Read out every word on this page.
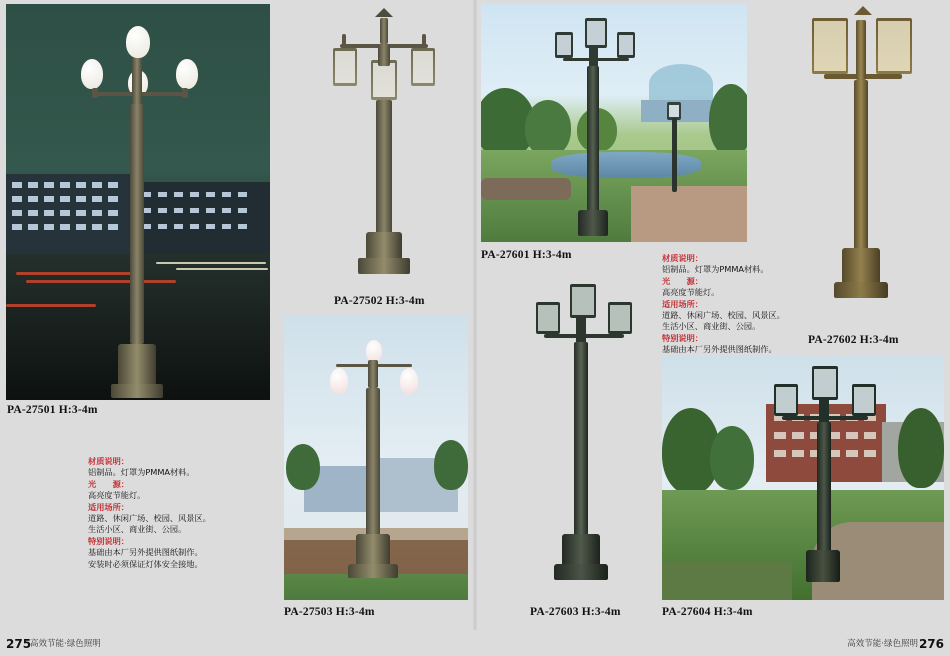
PA-27501 H:3-4m
材质说明：
铝制品。灯罩为PMMA材料。
光　　源：
高亮度节能灯。
适用场所：
道路、休闲广场、校园、风景区。
生活小区、商业街、公园。
特别说明：
基础由本厂另外提供图纸制作。
安装时必须保证灯体安全接地。
PA-27502 H:3-4m
PA-27503 H:3-4m
PA-27601 H:3-4m
PA-27603 H:3-4m
PA-27602 H:3-4m
材质说明：
铝制品。灯罩为PMMA材料。
光　　源：
高亮度节能灯。
适用场所：
道路、休闲广场、校园、风景区。
生活小区、商业街、公园。
特别说明：
基础由本厂另外提供图纸制作。
PA-27604 H:3-4m
275
高效节能·绿色照明	高效节能·绿色照明 276
